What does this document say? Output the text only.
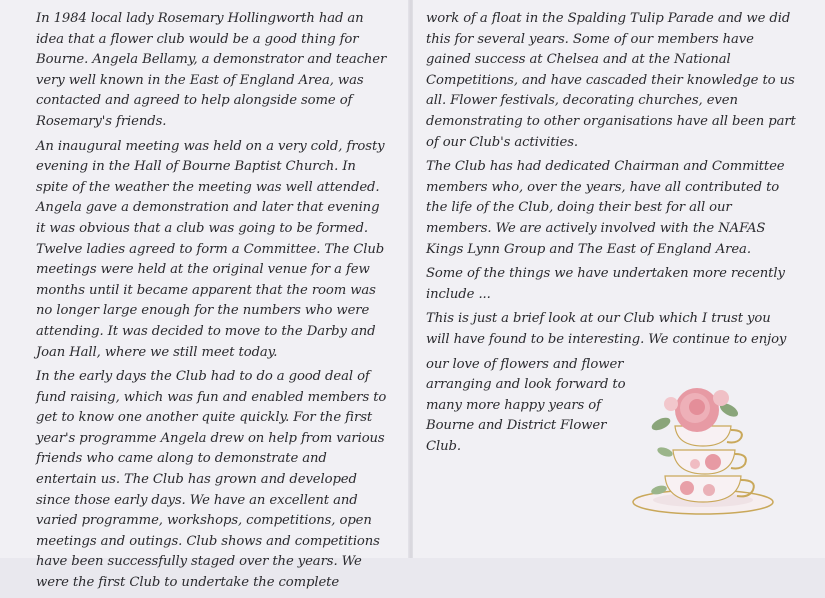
In 1984 local lady Rosemary Hollingworth had an idea that a flower club would be a good thing for Bourne. Angela Bellamy, a demonstrator and teacher very well known in the East of England Area, was contacted and agreed to help alongside some of Rosemary's friends.

An inaugural meeting was held on a very cold, frosty evening in the Hall of Bourne Baptist Church. In spite of the weather the meeting was well attended. Angela gave a demonstration and later that evening it was obvious that a club was going to be formed. Twelve ladies agreed to form a Committee. The Club meetings were held at the original venue for a few months until it became apparent that the room was no longer large enough for the numbers who were attending. It was decided to move to the Darby and Joan Hall, where we still meet today.

In the early days the Club had to do a good deal of fund raising, which was fun and enabled members to get to know one another quite quickly. For the first year's programme Angela drew on help from various friends who came along to demonstrate and entertain us. The Club has grown and developed since those early days. We have an excellent and varied programme, workshops, competitions, open meetings and outings. Club shows and competitions have been successfully staged over the years. We were the first Club to undertake the complete

work of a float in the Spalding Tulip Parade and we did this for several years. Some of our members have gained success at Chelsea and at the National Competitions, and have cascaded their knowledge to us all. Flower festivals, decorating churches, even demonstrating to other organisations have all been part of our Club's activities.

The Club has had dedicated Chairman and Committee members who, over the years, have all contributed to the life of the Club, doing their best for all our members. We are actively involved with the NAFAS Kings Lynn Group and The East of England Area.

Some of the things we have undertaken more recently include ...

This is just a brief look at our Club which I trust you will have found to be interesting. We continue to enjoy

our love of flowers and flower arranging and look forward to many more happy years of Bourne and District Flower Club.
